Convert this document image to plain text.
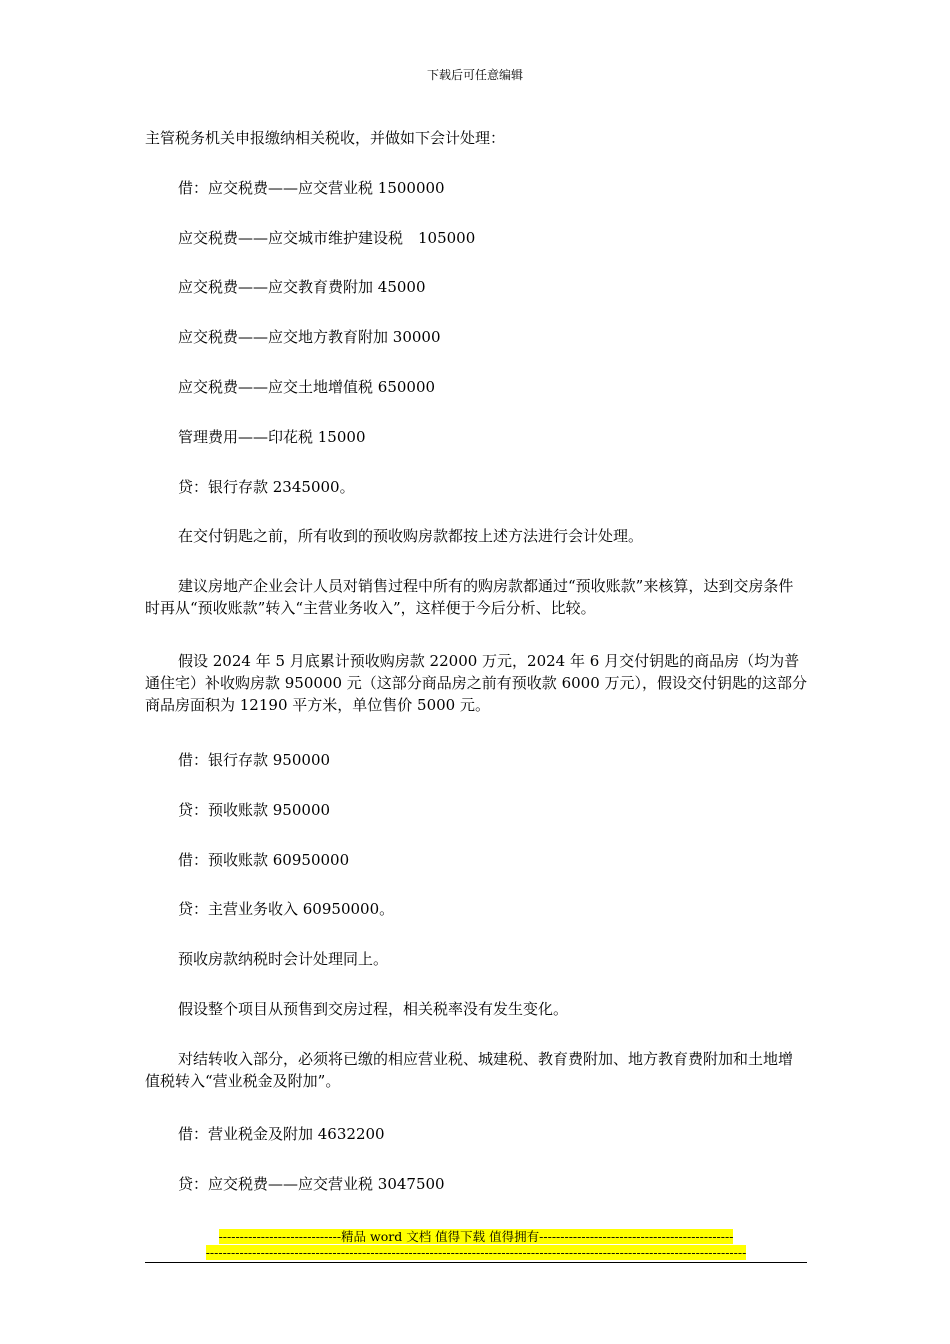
下载后可任意编辑
主管税务机关申报缴纳相关税收，并做如下会计处理：
借：应交税费——应交营业税 1500000
应交税费——应交城市维护建设税　105000
应交税费——应交教育费附加 45000
应交税费——应交地方教育附加 30000
应交税费——应交土地增值税 650000
管理费用——印花税 15000
贷：银行存款 2345000。
在交付钥匙之前，所有收到的预收购房款都按上述方法进行会计处理。
建议房地产企业会计人员对销售过程中所有的购房款都通过“预收账款”来核算，达到交房条件时再从“预收账款”转入“主营业务收入”，这样便于今后分析、比较。
假设 2024 年 5 月底累计预收购房款 22000 万元，2024 年 6 月交付钥匙的商品房（均为普通住宅）补收购房款 950000 元（这部分商品房之前有预收款 6000 万元），假设交付钥匙的这部分商品房面积为 12190 平方米，单位售价 5000 元。
借：银行存款 950000
贷：预收账款 950000
借：预收账款 60950000
贷：主营业务收入 60950000。
预收房款纳税时会计处理同上。
假设整个项目从预售到交房过程，相关税率没有发生变化。
对结转收入部分，必须将已缴的相应营业税、城建税、教育费附加、地方教育费附加和土地增值税转入“营业税金及附加”。
借：营业税金及附加 4632200
贷：应交税费——应交营业税 3047500
-----------------------------精品 word 文档 值得下载 值得拥有----------------------------------------------
--------------------------------------------------------------------------------------------------------------------------------
